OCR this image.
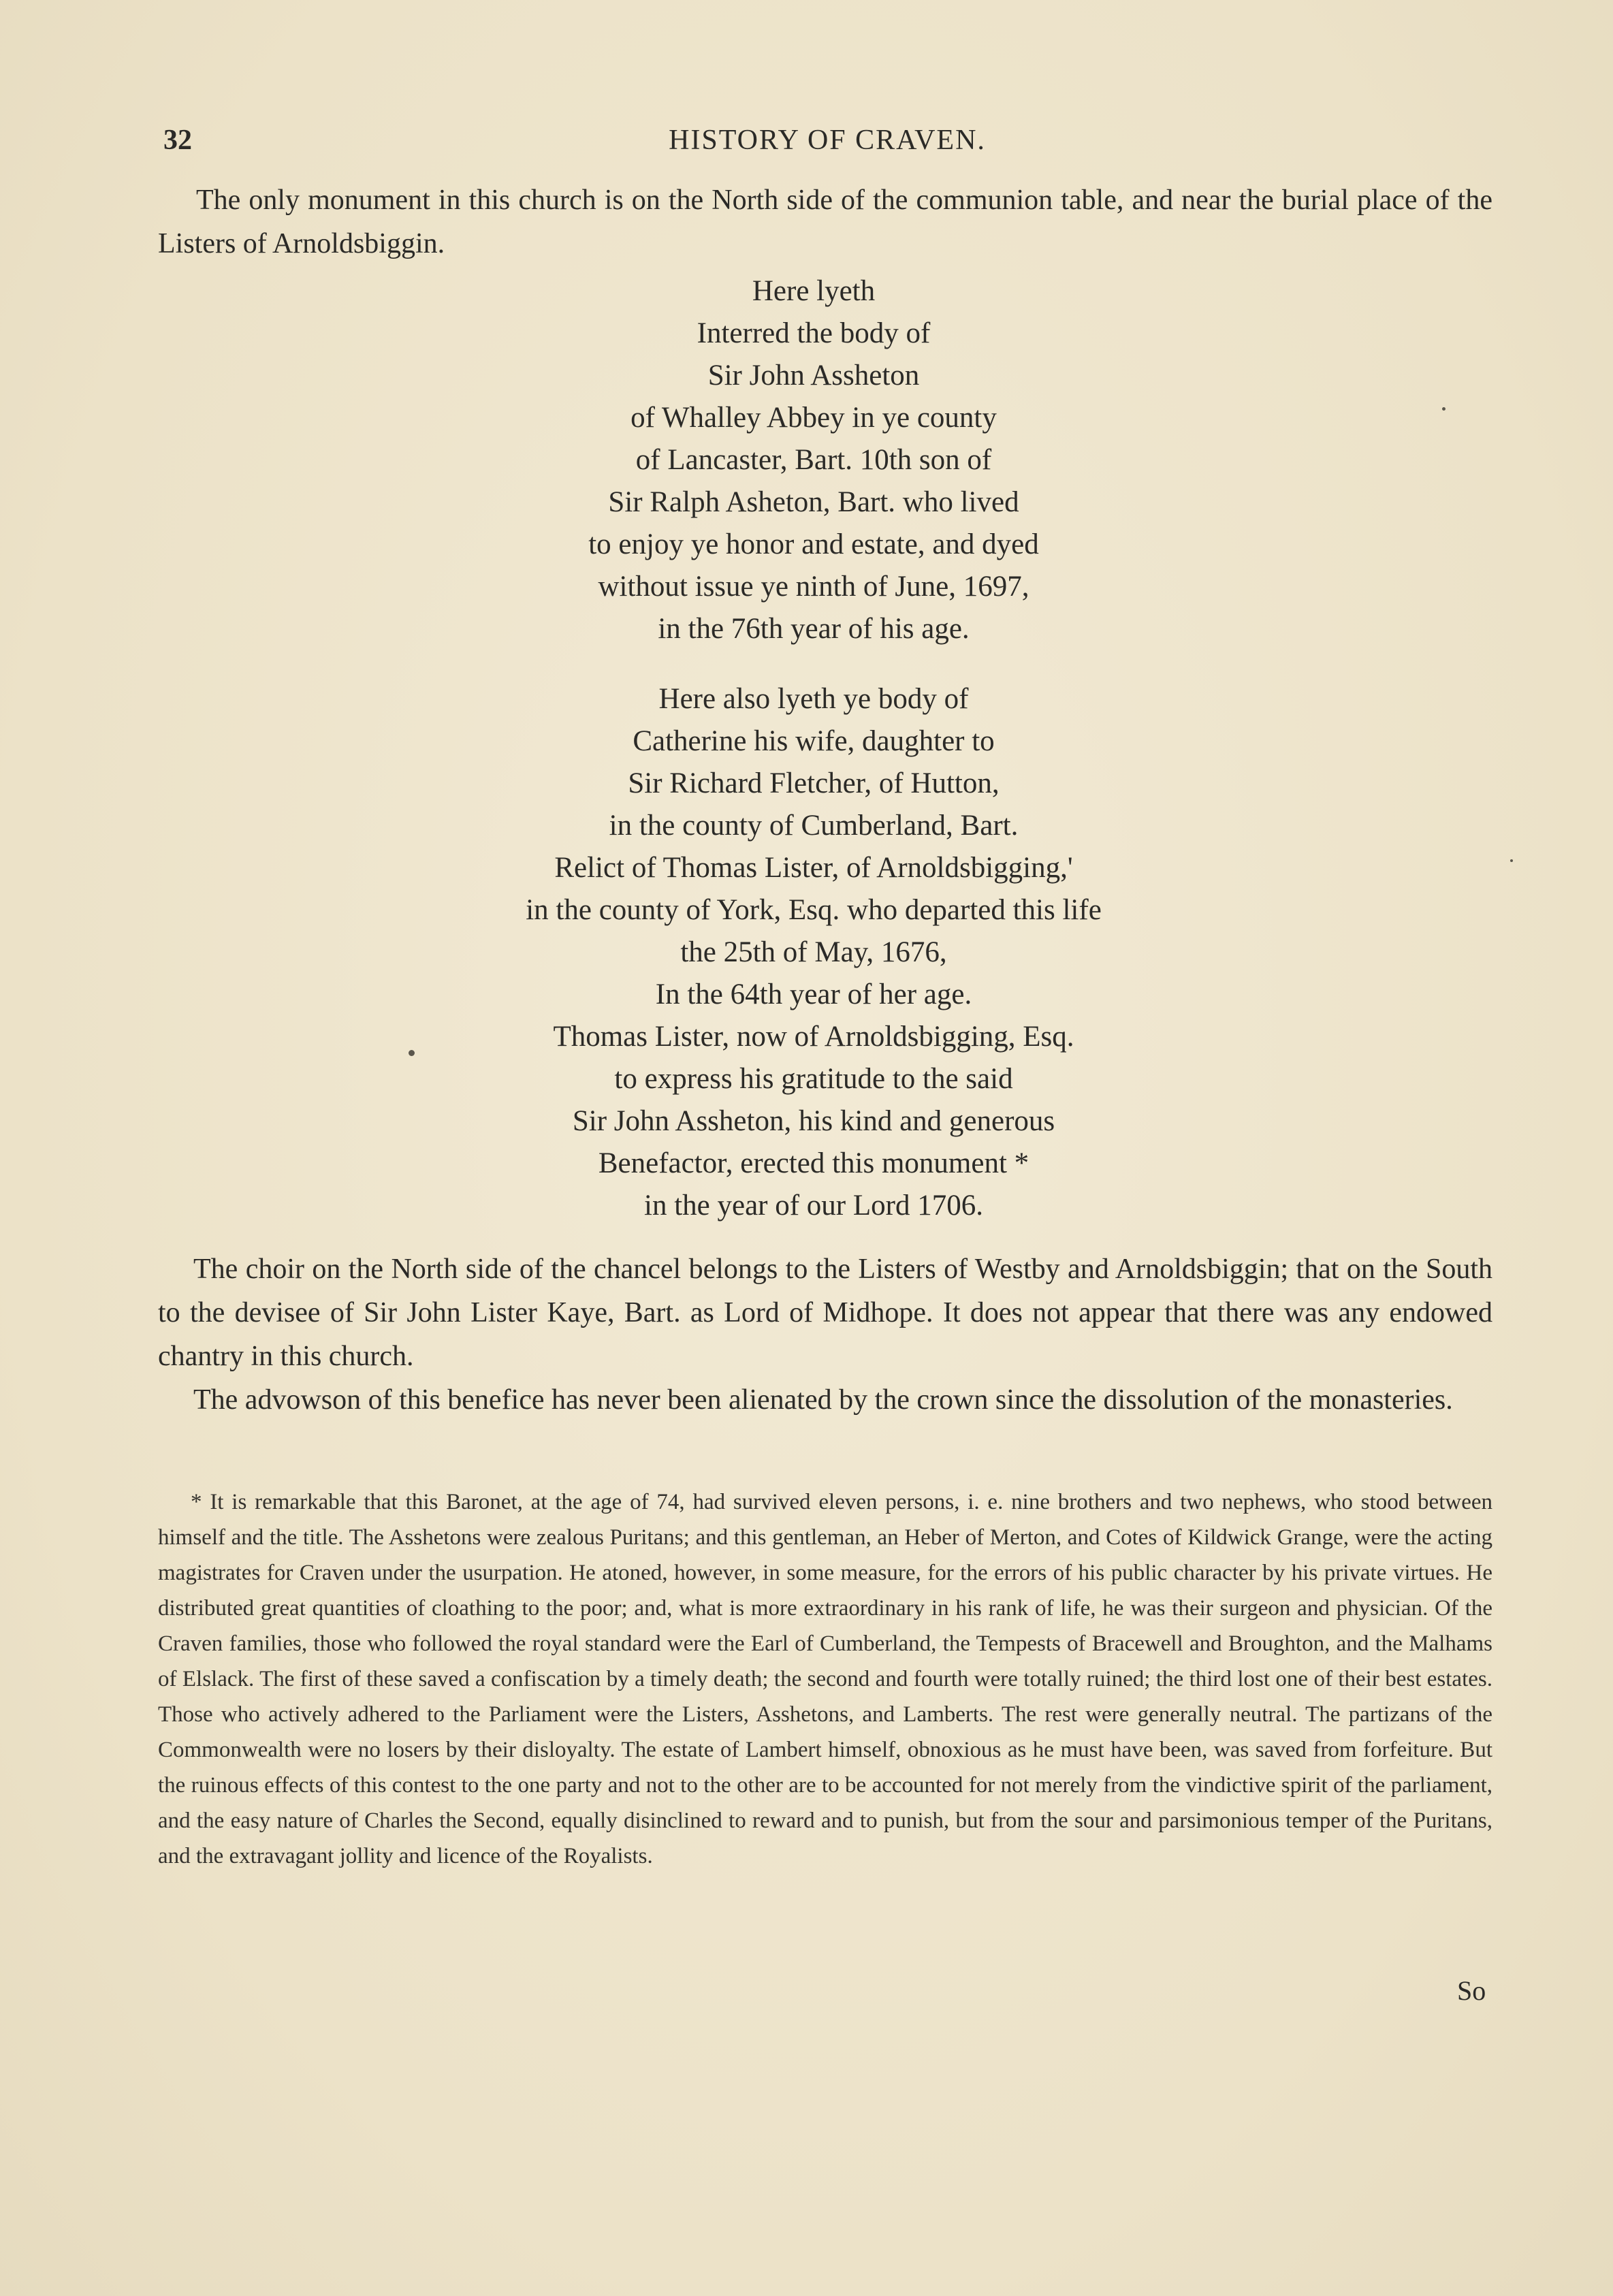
32	HISTORY OF CRAVEN.

The only monument in this church is on the North side of the communion table, and near the burial place of the Listers of Arnoldsbiggin.

Here lyeth
Interred the body of
Sir John Assheton
of Whalley Abbey in ye county
of Lancaster, Bart. 10th son of
Sir Ralph Asheton, Bart. who lived
to enjoy ye honor and estate, and dyed
without issue ye ninth of June, 1697,
in the 76th year of his age.
Here also lyeth ye body of
Catherine his wife, daughter to
Sir Richard Fletcher, of Hutton,
in the county of Cumberland, Bart.
Relict of Thomas Lister, of Arnoldsbigging,'
in the county of York, Esq. who departed this life
the 25th of May, 1676,
In the 64th year of her age.
Thomas Lister, now of Arnoldsbigging, Esq.
to express his gratitude to the said
Sir John Assheton, his kind and generous
Benefactor, erected this monument *
in the year of our Lord 1706.

The choir on the North side of the chancel belongs to the Listers of Westby and Arnoldsbiggin; that on the South to the devisee of Sir John Lister Kaye, Bart. as Lord of Midhope. It does not appear that there was any endowed chantry in this church.

The advowson of this benefice has never been alienated by the crown since the dissolution of the monasteries.

* It is remarkable that this Baronet, at the age of 74, had survived eleven persons, i. e. nine brothers and two nephews, who stood between himself and the title. The Asshetons were zealous Puritans; and this gentleman, an Heber of Merton, and Cotes of Kildwick Grange, were the acting magistrates for Craven under the usurpation. He atoned, however, in some measure, for the errors of his public character by his private virtues. He distributed great quantities of cloathing to the poor; and, what is more extraordinary in his rank of life, he was their surgeon and physician. Of the Craven families, those who followed the royal standard were the Earl of Cumberland, the Tempests of Bracewell and Broughton, and the Malhams of Elslack. The first of these saved a confiscation by a timely death; the second and fourth were totally ruined; the third lost one of their best estates. Those who actively adhered to the Parliament were the Listers, Asshetons, and Lamberts. The rest were generally neutral. The partizans of the Commonwealth were no losers by their disloyalty. The estate of Lambert himself, obnoxious as he must have been, was saved from forfeiture. But the ruinous effects of this contest to the one party and not to the other are to be accounted for not merely from the vindictive spirit of the parliament, and the easy nature of Charles the Second, equally disinclined to reward and to punish, but from the sour and parsimonious temper of the Puritans, and the extravagant jollity and licence of the Royalists.

So
